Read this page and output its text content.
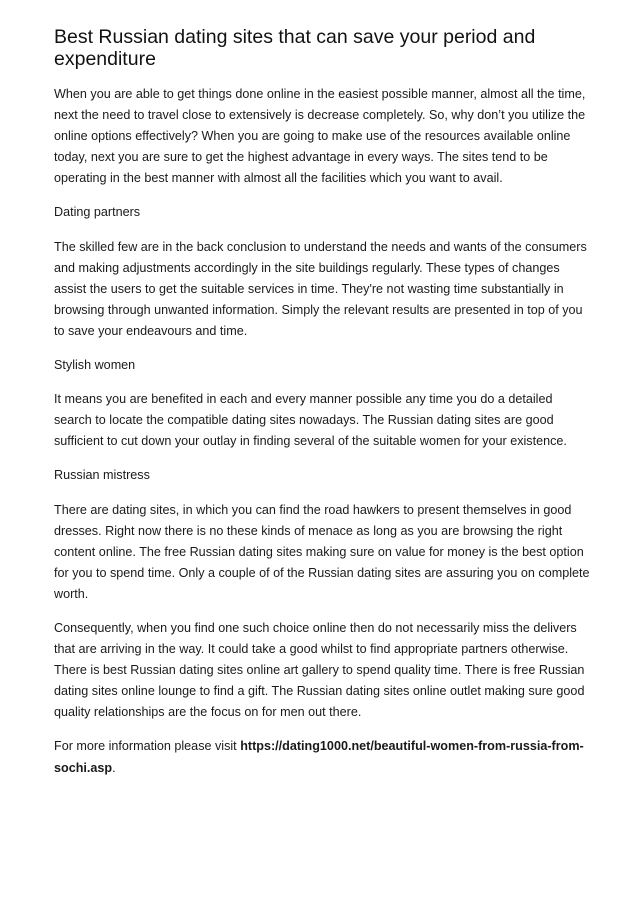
Best Russian dating sites that can save your period and expenditure

When you are able to get things done online in the easiest possible manner, almost all the time, next the need to travel close to extensively is decrease completely. So, why don’t you utilize the online options effectively? When you are going to make use of the resources available online today, next you are sure to get the highest advantage in every ways. The sites tend to be operating in the best manner with almost all the facilities which you want to avail.

Dating partners

The skilled few are in the back conclusion to understand the needs and wants of the consumers and making adjustments accordingly in the site buildings regularly. These types of changes assist the users to get the suitable services in time. They're not wasting time substantially in browsing through unwanted information. Simply the relevant results are presented in top of you to save your endeavours and time.

Stylish women

It means you are benefited in each and every manner possible any time you do a detailed search to locate the compatible dating sites nowadays. The Russian dating sites are good sufficient to cut down your outlay in finding several of the suitable women for your existence.

Russian mistress

There are dating sites, in which you can find the road hawkers to present themselves in good dresses. Right now there is no these kinds of menace as long as you are browsing the right content online. The free Russian dating sites making sure on value for money is the best option for you to spend time. Only a couple of of the Russian dating sites are assuring you on complete worth.

Consequently, when you find one such choice online then do not necessarily miss the delivers that are arriving in the way. It could take a good whilst to find appropriate partners otherwise. There is best Russian dating sites online art gallery to spend quality time. There is free Russian dating sites online lounge to find a gift. The Russian dating sites online outlet making sure good quality relationships are the focus on for men out there.

For more information please visit https://dating1000.net/beautiful-women-from-russia-from-sochi.asp.
